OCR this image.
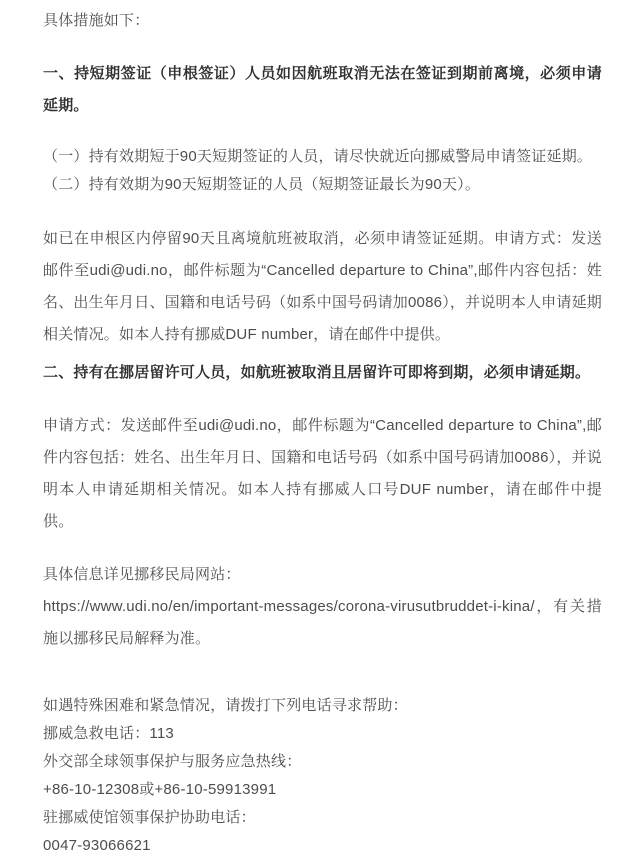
具体措施如下：

一、持短期签证（申根签证）人员如因航班取消无法在签证到期前离境，必须申请延期。

（一）持有效期短于90天短期签证的人员，请尽快就近向挪威警局申请签证延期。

（二）持有效期为90天短期签证的人员（短期签证最长为90天）。

如已在申根区内停留90天且离境航班被取消，必须申请签证延期。申请方式：发送邮件至udi@udi.no，邮件标题为“Cancelled departure to China”,邮件内容包括：姓名、出生年月日、国籍和电话号码（如系中国号码请加0086），并说明本人申请延期相关情况。如本人持有挪威DUF number，请在邮件中提供。

二、持有在挪居留许可人员，如航班被取消且居留许可即将到期，必须申请延期。

申请方式：发送邮件至udi@udi.no，邮件标题为“Cancelled departure to China”,邮件内容包括：姓名、出生年月日、国籍和电话号码（如系中国号码请加0086），并说明本人申请延期相关情况。如本人持有挪威人口号DUF number，请在邮件中提供。

具体信息详见挪移民局网站：

https://www.udi.no/en/important-messages/corona-virusutbruddet-i-kina/，有关措施以挪移民局解释为准。

如遇特殊困难和紧急情况，请拨打下列电话寻求帮助：

挪威急救电话：113

外交部全球领事保护与服务应急热线：

+86-10-12308或+86-10-59913991

驻挪威使馆领事保护协助电话：

0047-93066621
